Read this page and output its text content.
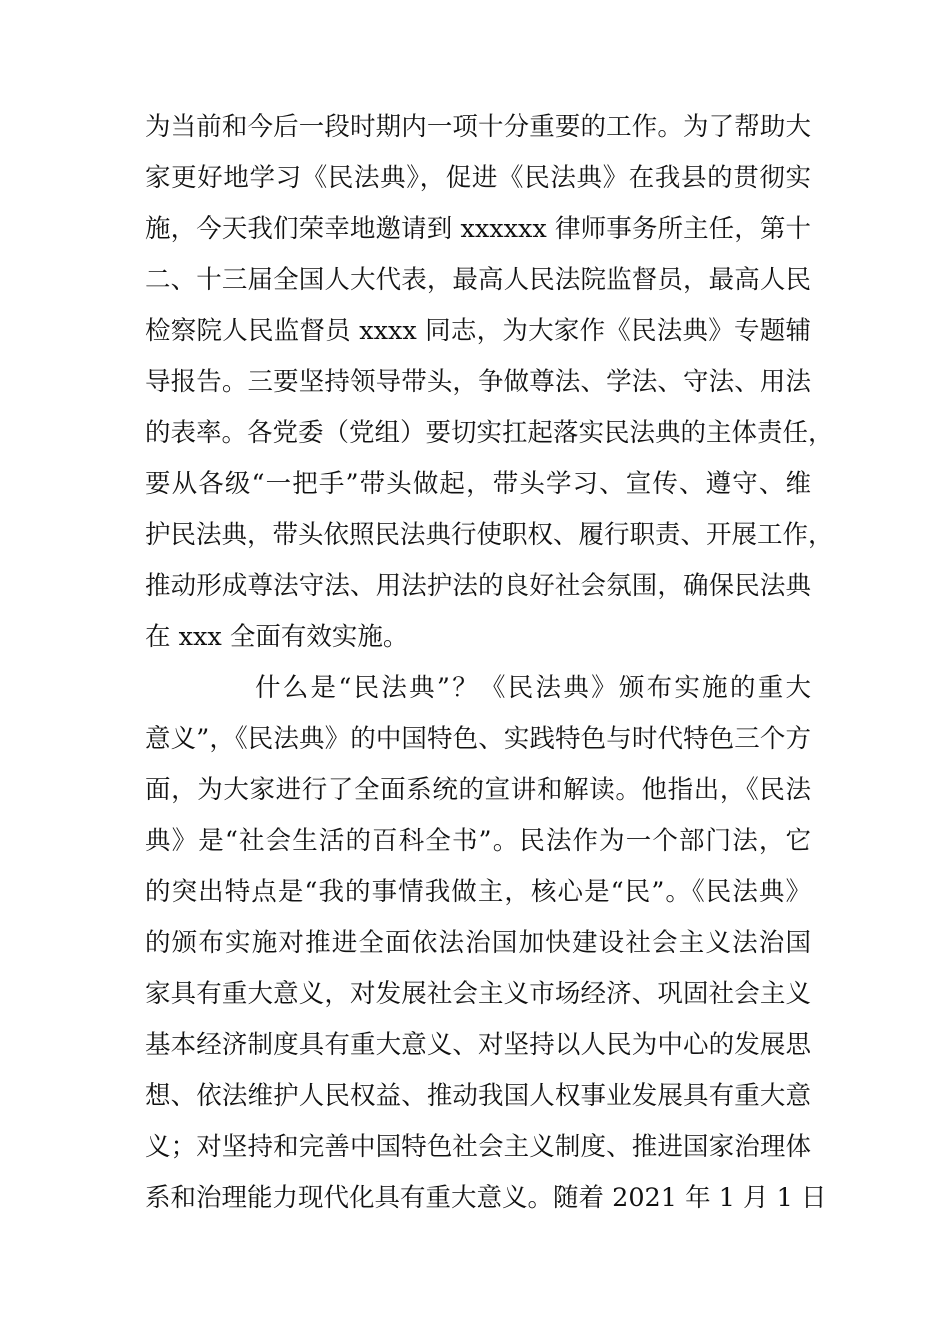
为当前和今后一段时期内一项十分重要的工作。为了帮助大
家更好地学习《民法典》，促进《民法典》在我县的贯彻实
施，今天我们荣幸地邀请到 xxxxxx 律师事务所主任，第十
二、十三届全国人大代表，最高人民法院监督员，最高人民
检察院人民监督员 xxxx 同志，为大家作《民法典》专题辅
导报告。三要坚持领导带头，争做尊法、学法、守法、用法
的表率。各党委（党组）要切实扛起落实民法典的主体责任，
要从各级“一把手”带头做起，带头学习、宣传、遵守、维
护民法典，带头依照民法典行使职权、履行职责、开展工作，
推动形成尊法守法、用法护法的良好社会氛围，确保民法典
在 xxx 全面有效实施。
什么是“民法典”？《民法典》颁布实施的重大
意义”，《民法典》的中国特色、实践特色与时代特色三个方
面，为大家进行了全面系统的宣讲和解读。他指出，《民法
典》是“社会生活的百科全书”。民法作为一个部门法，它
的突出特点是“我的事情我做主，核心是“民”。《民法典》
的颁布实施对推进全面依法治国加快建设社会主义法治国
家具有重大意义，对发展社会主义市场经济、巩固社会主义
基本经济制度具有重大意义、对坚持以人民为中心的发展思
想、依法维护人民权益、推动我国人权事业发展具有重大意
义；对坚持和完善中国特色社会主义制度、推进国家治理体
系和治理能力现代化具有重大意义。随着 2021 年 1 月 1 日
